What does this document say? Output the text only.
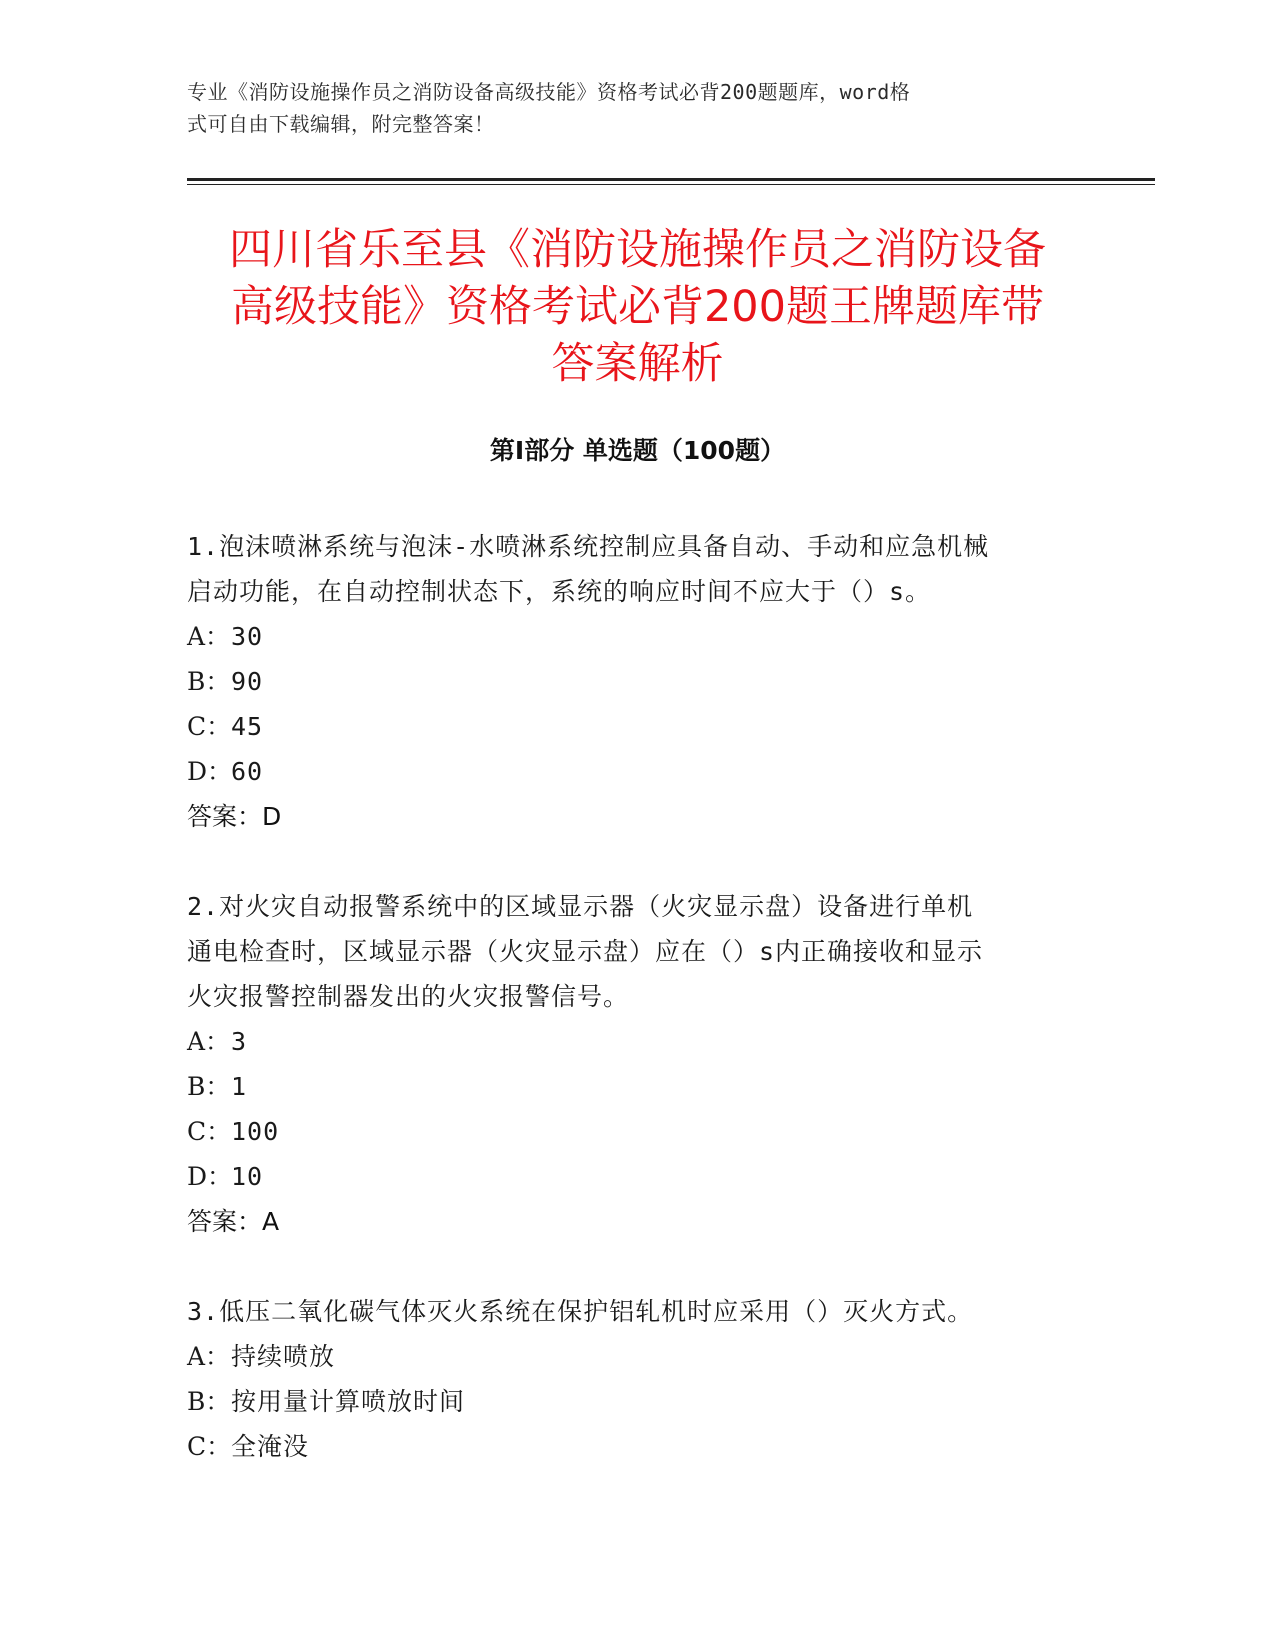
专业《消防设施操作员之消防设备高级技能》资格考试必背200题题库，word格
式可自由下载编辑，附完整答案！
四川省乐至县《消防设施操作员之消防设备
高级技能》资格考试必背200题王牌题库带
答案解析
第Ⅰ部分 单选题（100题）

1.泡沫喷淋系统与泡沫-水喷淋系统控制应具备自动、手动和应急机械

启动功能，在自动控制状态下，系统的响应时间不应大于（）s。

A： 30

B： 90

C： 45

D：
60

答案：D

2.对火灾自动报警系统中的区域显示器（火灾显示盘）设备进行单机

通电检查时，区域显示器（火灾显示盘）应在（）s内正确接收和显示

火灾报警控制器发出的火灾报警信号。

A： 3

B： 1

C： 100

D：
10

答案：A

3.低压二氧化碳气体灭火系统在保护铝轧机时应采用（）灭火方式。

A： 持续喷放

B： 按用量计算喷放时间

C： 全淹没
